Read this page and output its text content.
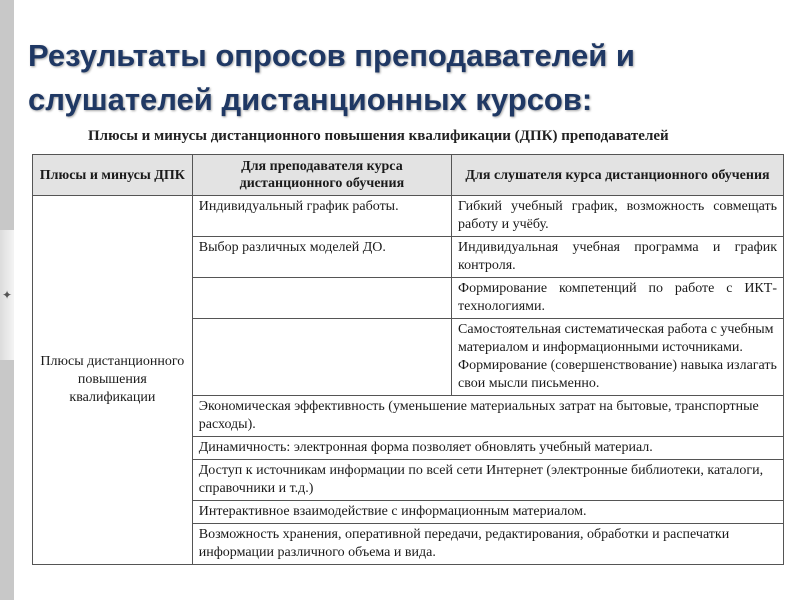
✦
Результаты опросов преподавателей и слушателей дистанционных курсов:
Плюсы и минусы дистанционного повышения квалификации (ДПК) преподавателей
Плюсы и минусы ДПК	Для преподавателя курса дистанционного обучения	Для слушателя курса дистанционного обучения
Плюсы дистанционного повышения квалификации	Индивидуальный график работы.	Гибкий учебный график, возможность совмещать работу и учёбу.
	Выбор различных моделей ДО.	Индивидуальная учебная программа и график контроля.
		Формирование компетенций по работе с ИКТ-технологиями.
		Самостоятельная систематическая работа с учебным материалом и информационными источниками. Формирование (совершенствование) навыка излагать свои мысли письменно.
	Экономическая эффективность (уменьшение материальных затрат на бытовые, транспортные расходы).	
	Динамичность: электронная форма позволяет обновлять учебный материал.	
	Доступ к источникам информации по всей сети Интернет (электронные библиотеки, каталоги, справочники и т.д.)	
	Интерактивное взаимодействие с информационным материалом.	
	Возможность хранения, оперативной передачи, редактирования, обработки и распечатки информации различного объема и вида.	
